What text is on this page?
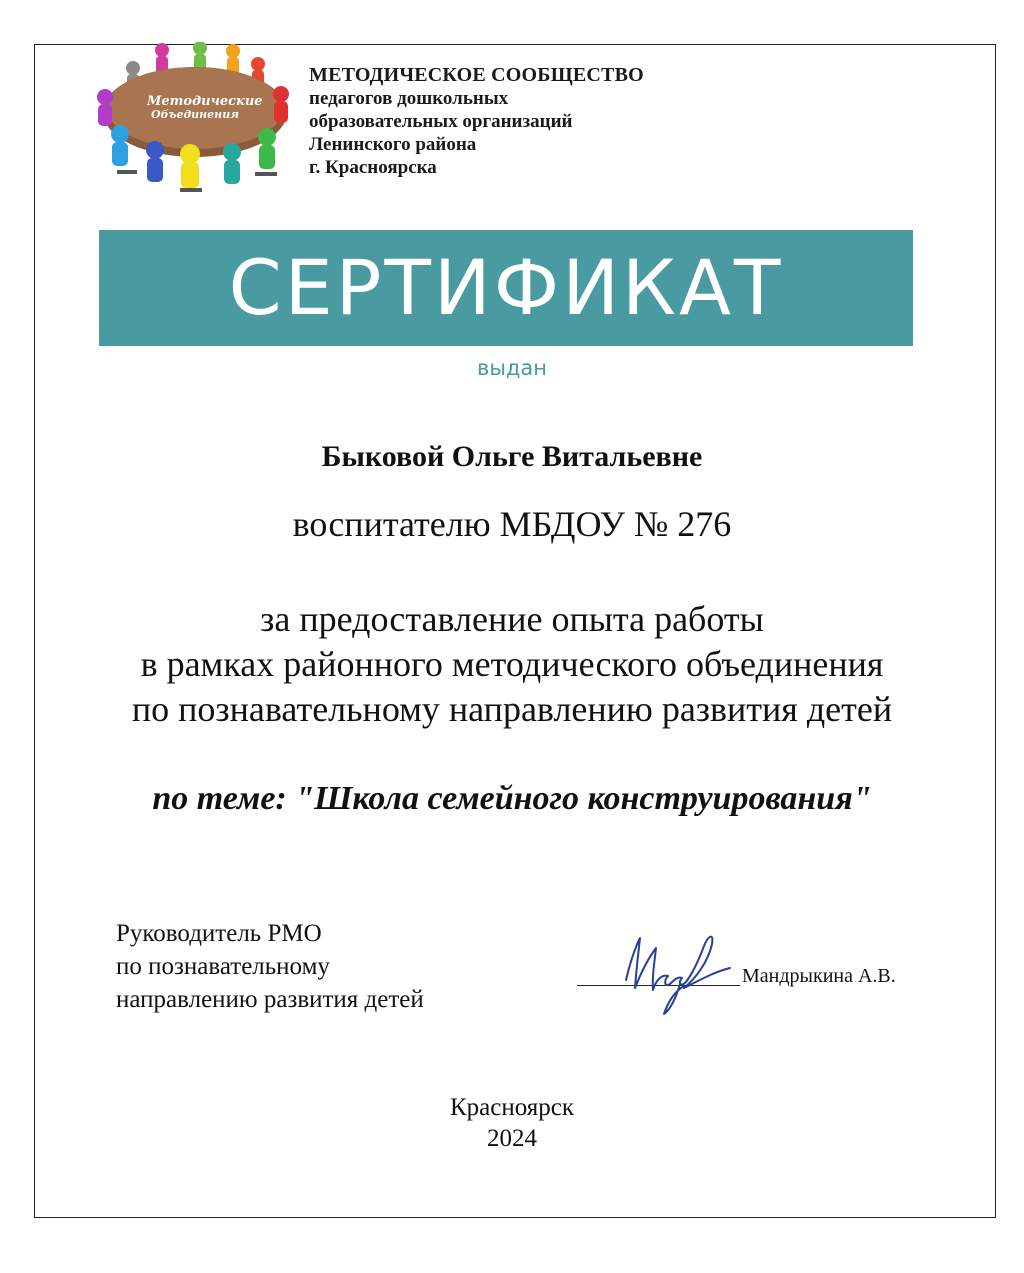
Методические
Объединения
МЕТОДИЧЕСКОЕ СООБЩЕСТВО
педагогов дошкольных
образовательных организаций
Ленинского района
г. Красноярска
СЕРТИФИКАТ
выдан
Быковой Ольге Витальевне
воспитателю МБДОУ № 276
за предоставление опыта работы
в рамках районного методического объединения
по познавательному направлению развития детей
по теме: "Школа семейного конструирования"
Руководитель РМО
по познавательному
направлению развития детей
Мандрыкина А.В.
Красноярск
2024
